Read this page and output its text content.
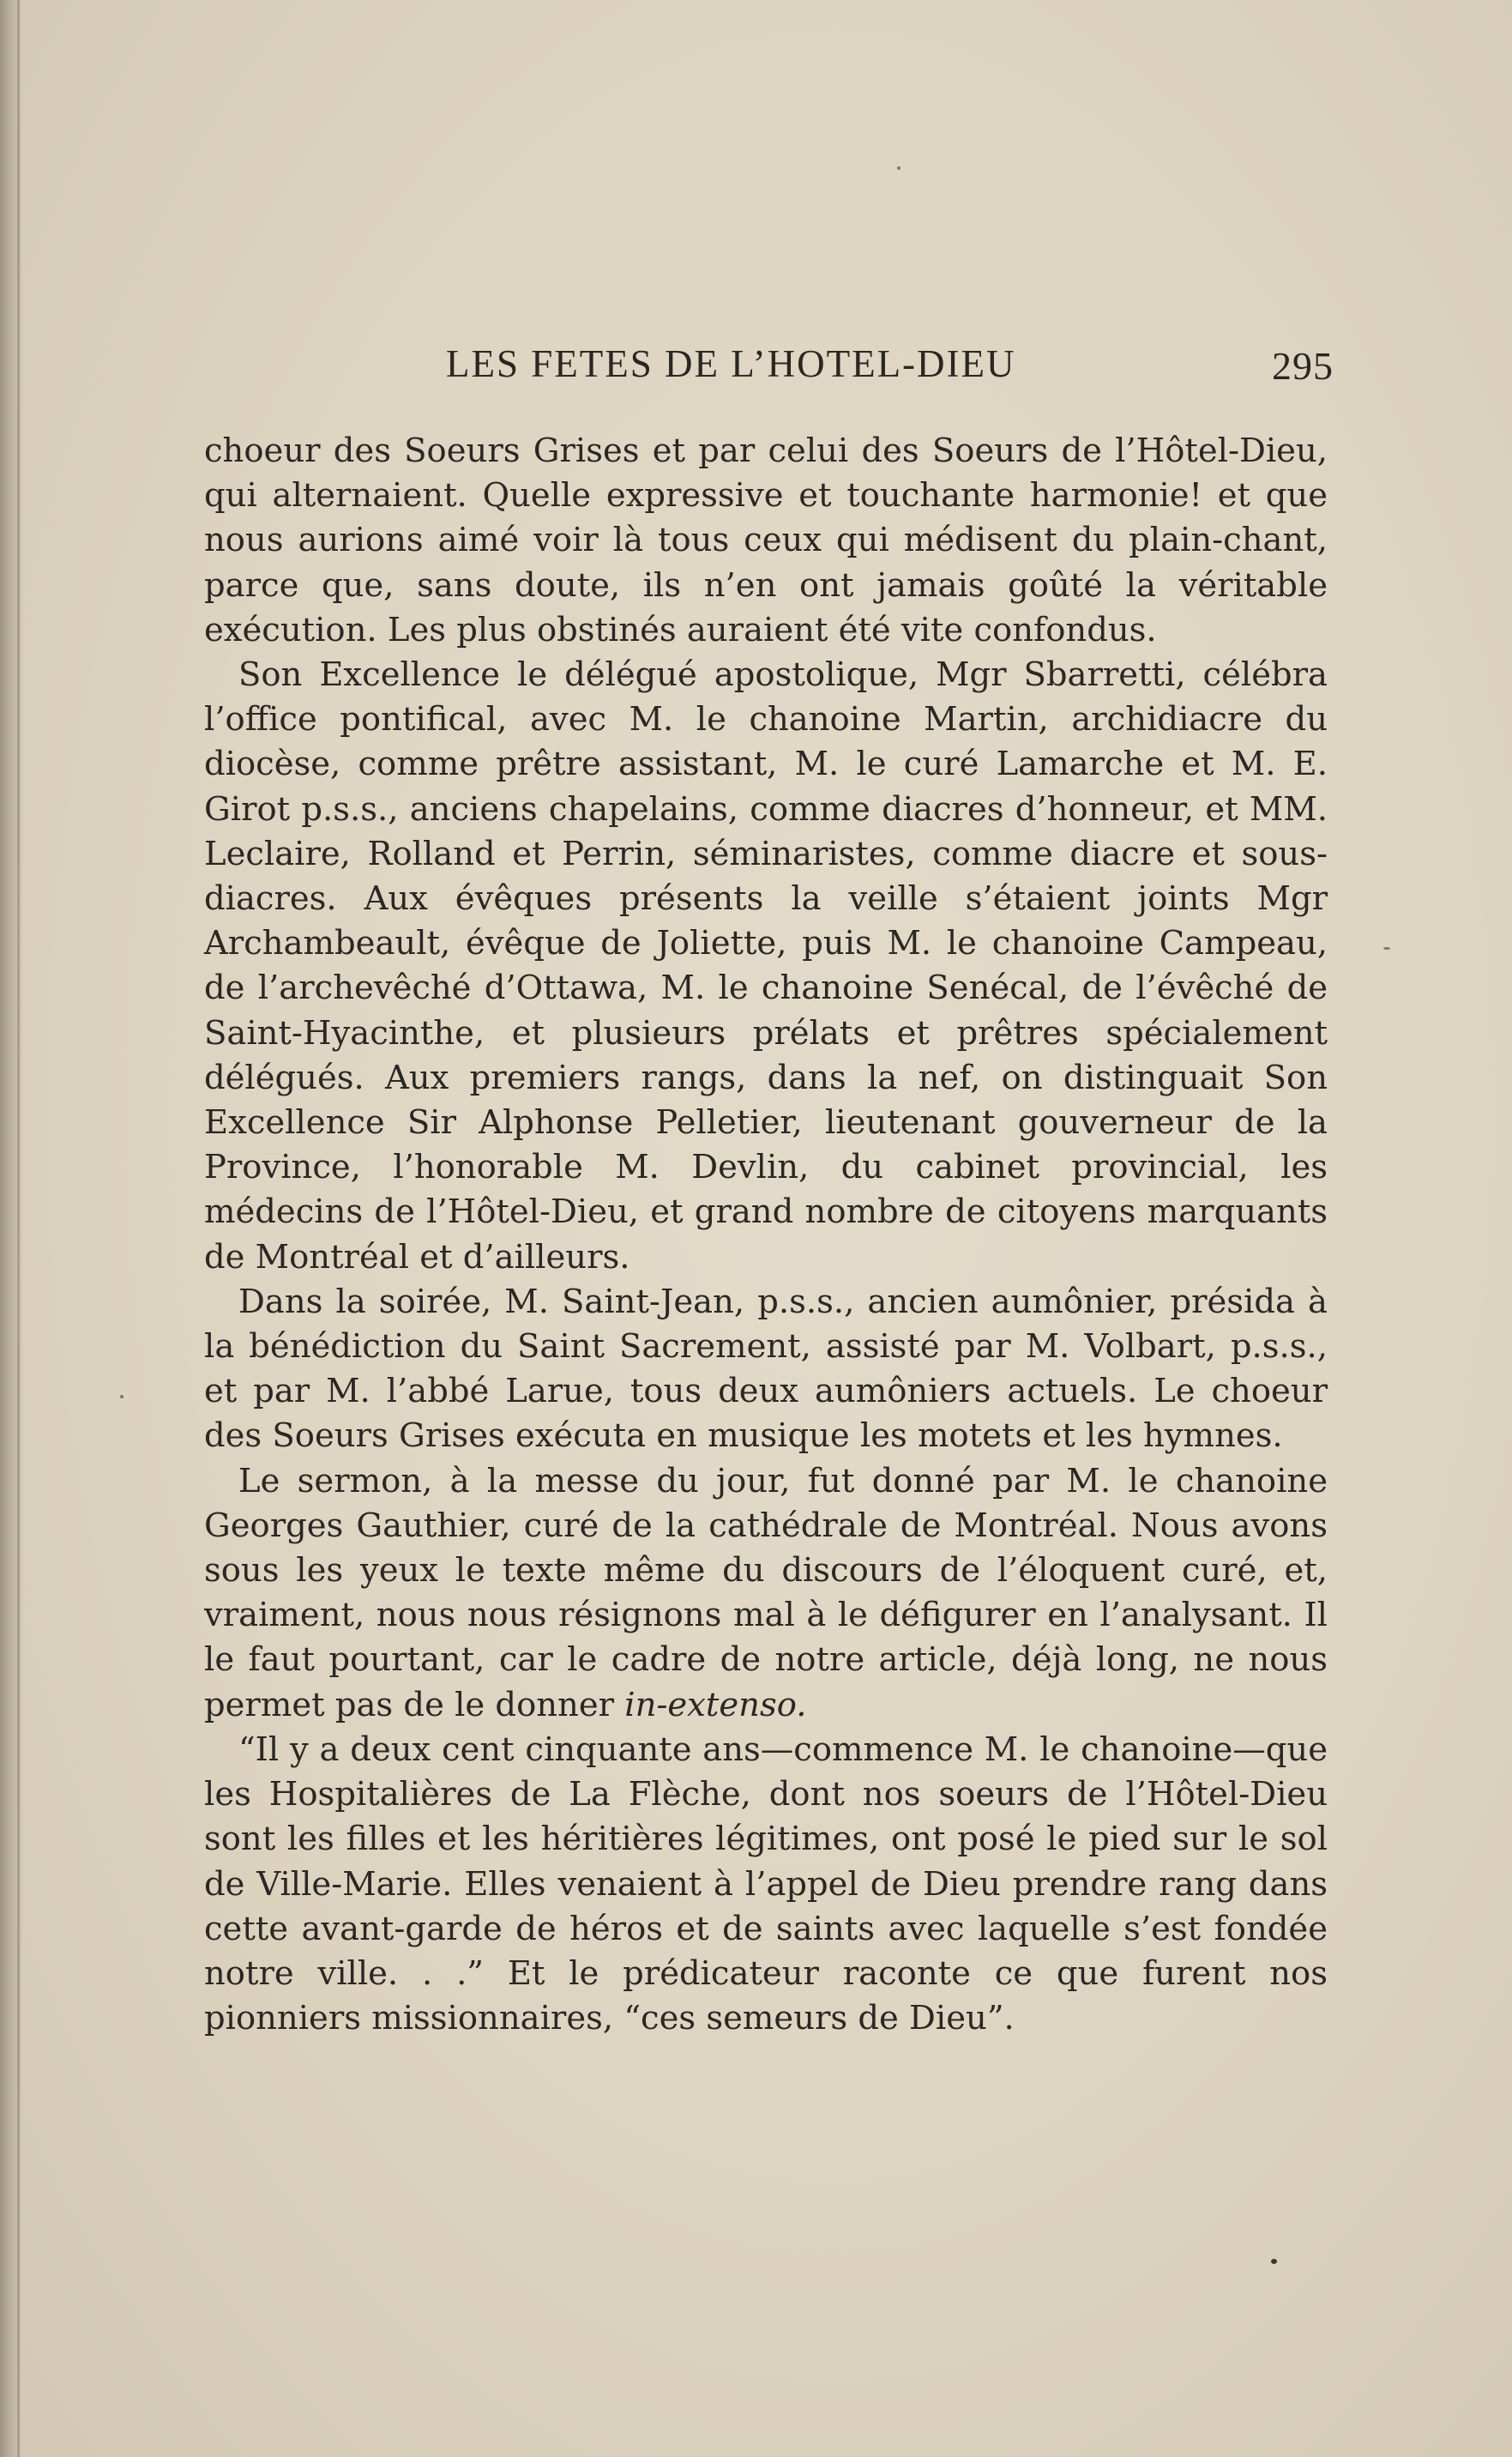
LES FETES DE L’HOTEL-DIEU	295

choeur des Soeurs Grises et par celui des Soeurs de l’Hôtel-Dieu, qui alternaient. Quelle expressive et touchante harmonie! et que nous aurions aimé voir là tous ceux qui médisent du plain-chant, parce que, sans doute, ils n’en ont jamais goûté la véritable exécution. Les plus obstinés auraient été vite confondus.

Son Excellence le délégué apostolique, Mgr Sbarretti, célébra l’office pontifical, avec M. le chanoine Martin, archidiacre du diocèse, comme prêtre assistant, M. le curé Lamarche et M. E. Girot p.s.s., anciens chapelains, comme diacres d’honneur, et MM. Leclaire, Rolland et Perrin, séminaristes, comme diacre et sous-diacres. Aux évêques présents la veille s’étaient joints Mgr Archambeault, évêque de Joliette, puis M. le chanoine Campeau, de l’archevêché d’Ottawa, M. le chanoine Senécal, de l’évêché de Saint-Hyacinthe, et plusieurs prélats et prêtres spécialement délégués. Aux premiers rangs, dans la nef, on distinguait Son Excellence Sir Alphonse Pelletier, lieutenant gouverneur de la Province, l’honorable M. Devlin, du cabinet provincial, les médecins de l’Hôtel-Dieu, et grand nombre de citoyens marquants de Montréal et d’ailleurs.

Dans la soirée, M. Saint-Jean, p.s.s., ancien aumônier, présida à la bénédiction du Saint Sacrement, assisté par M. Volbart, p.s.s., et par M. l’abbé Larue, tous deux aumôniers actuels. Le choeur des Soeurs Grises exécuta en musique les motets et les hymnes.

Le sermon, à la messe du jour, fut donné par M. le chanoine Georges Gauthier, curé de la cathédrale de Montréal. Nous avons sous les yeux le texte même du discours de l’éloquent curé, et, vraiment, nous nous résignons mal à le défigurer en l’analysant. Il le faut pourtant, car le cadre de notre article, déjà long, ne nous permet pas de le donner in-extenso.

“Il y a deux cent cinquante ans—commence M. le chanoine—que les Hospitalières de La Flèche, dont nos soeurs de l’Hôtel-Dieu sont les filles et les héritières légitimes, ont posé le pied sur le sol de Ville-Marie. Elles venaient à l’appel de Dieu prendre rang dans cette avant-garde de héros et de saints avec laquelle s’est fondée notre ville. . .” Et le prédicateur raconte ce que furent nos pionniers missionnaires, “ces semeurs de Dieu”.
